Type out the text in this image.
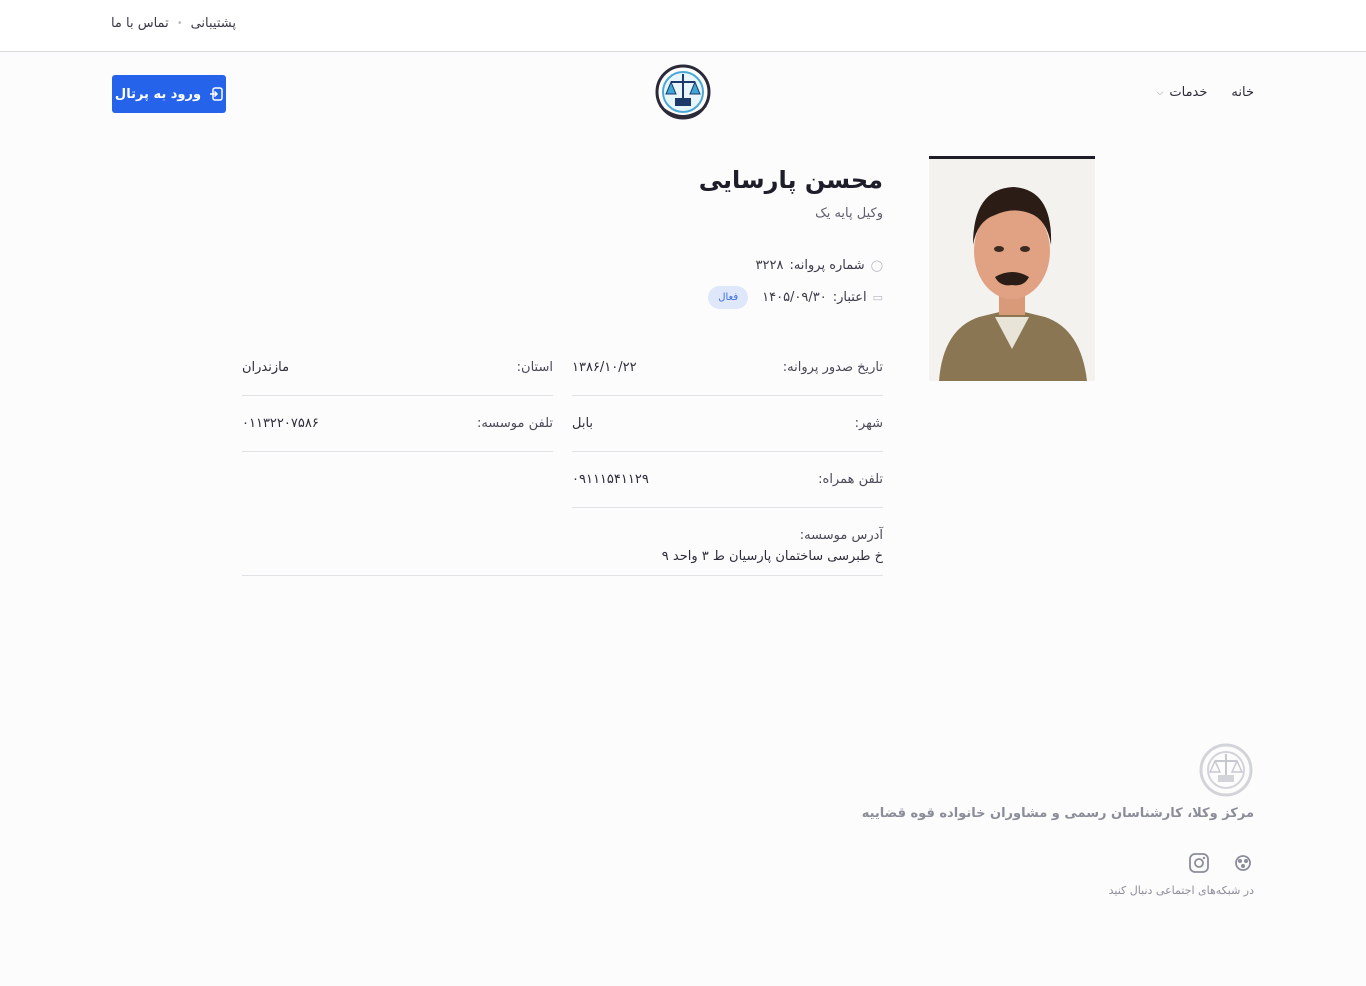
پشتیبانی
•
تماس با ما
خانه
خدمات
⌵
ورود به پرتال
محسن پارسایی
وکیل پایه یک
◯
شماره پروانه:
۳۲۲۸
▭
اعتبار:
۱۴۰۵/۰۹/۳۰
فعال
تاریخ صدور پروانه:
۱۳۸۶/۱۰/۲۲
استان:
مازندران
شهر:
بابل
تلفن موسسه:
۰۱۱۳۲۲۰۷۵۸۶
تلفن همراه:
۰۹۱۱۱۵۴۱۱۲۹
آدرس موسسه:
خ طبرسی ساختمان پارسیان ط ۳ واحد ۹
مرکز وکلا، کارشناسان رسمی و مشاوران خانواده قوه قضاییه
در شبکه‌های اجتماعی دنبال کنید
